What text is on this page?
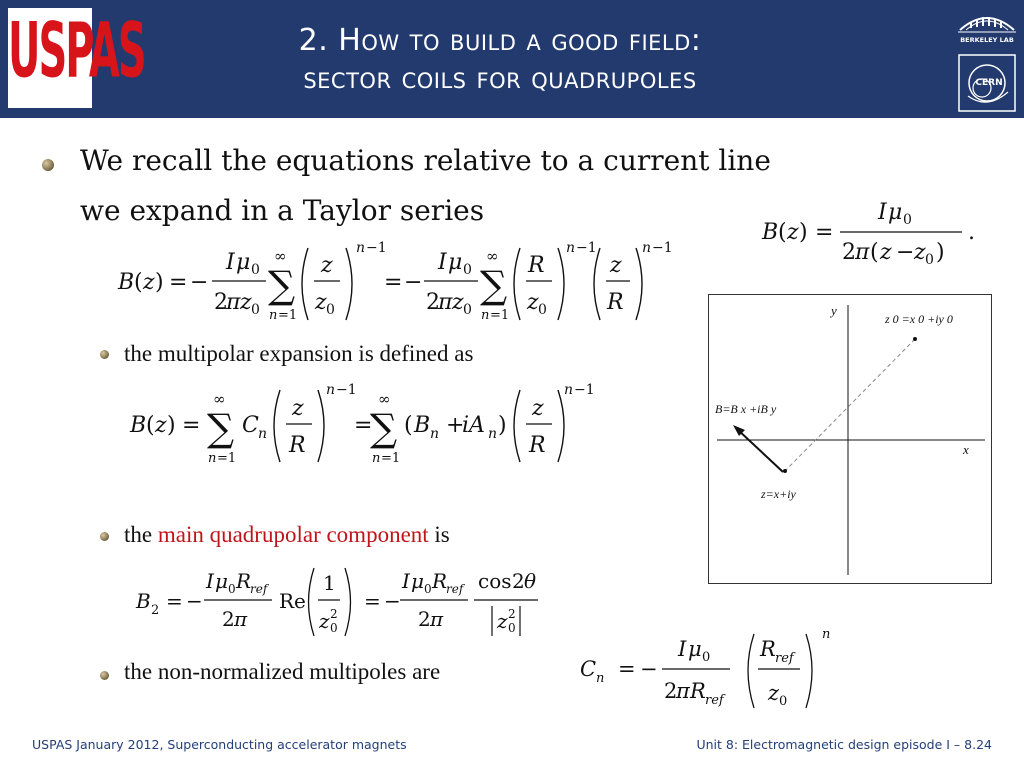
USPAS	2. How to build a good field:
sector coils for quadrupoles
BERKELEY LAB
CERN
We recall the equations relative to a current line
we expand in a Taylor series
B ( z ) =
I μ 0
2 π ( z − z 0 )
.
B ( z ) = −
I μ 0
2
π z 0
∞
∑
n =1
z
z 0
n −1
= −
I μ 0
2
π z 0
∞
∑
n =1
R
z 0
n −1
z
R
n −1
the multipolar expansion is defined as
B ( z ) =
∞
∑
n =1
C n
z
R
n −1
=
∞
∑
n =1
( B n +
iA n )
z
R
n −1
the main quadrupolar component is
B 2 = −
I μ 0 R
ref
2 π
Re
1
z 2
0
= −
I μ 0 R
ref
2 π
cos 2 θ
z 2
0
the non-normalized multipoles are	C n = −
I μ 0
2
π R ref
R ref
z 0
n
y
x
z 0 =x 0 +iy 0
B=B x +iB y
z=x+iy
USPAS January 2012, Superconducting accelerator magnets	Unit 8: Electromagnetic design episode I – 8.24
